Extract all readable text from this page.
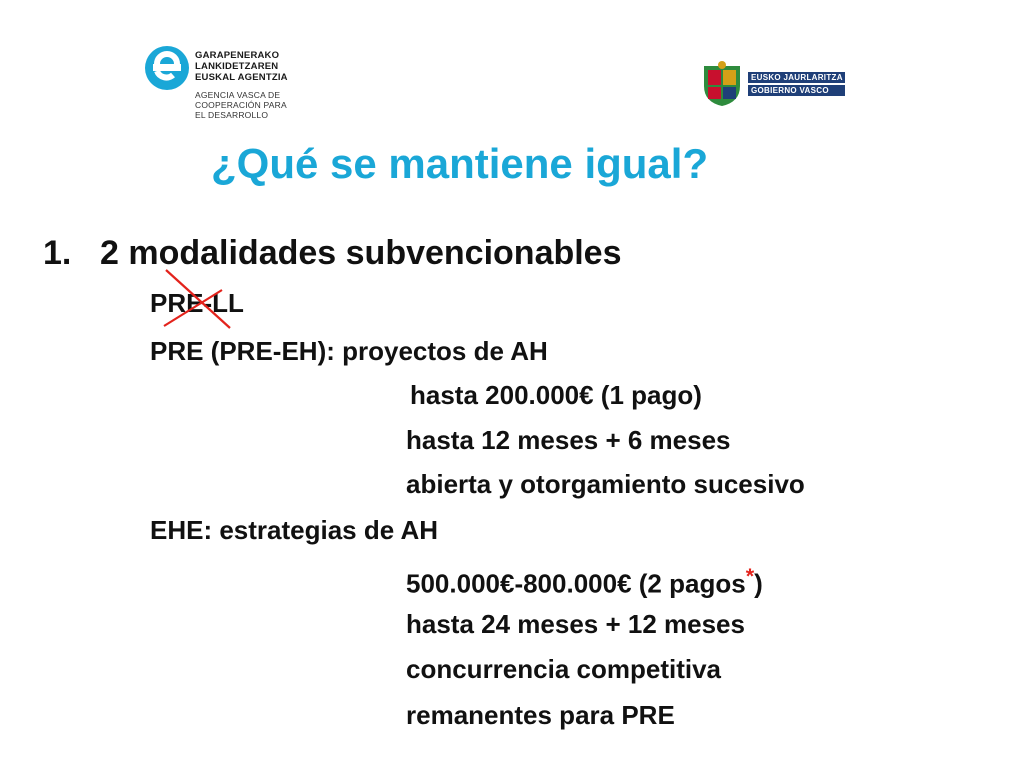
GARAPENERAKO
LANKIDETZAREN
EUSKAL AGENTZIA
AGENCIA VASCA DE
COOPERACIÓN PARA
EL DESARROLLO
EUSKO JAURLARITZA
GOBIERNO VASCO
¿Qué se mantiene igual?
1. 2 modalidades subvencionables
PRE-LL
PRE (PRE-EH): proyectos de AH
hasta 200.000€ (1 pago)
hasta 12 meses + 6 meses
abierta y otorgamiento sucesivo
EHE: estrategias de AH
500.000€-800.000€ (2 pagos*)
hasta 24 meses + 12 meses
concurrencia competitiva
remanentes para PRE
